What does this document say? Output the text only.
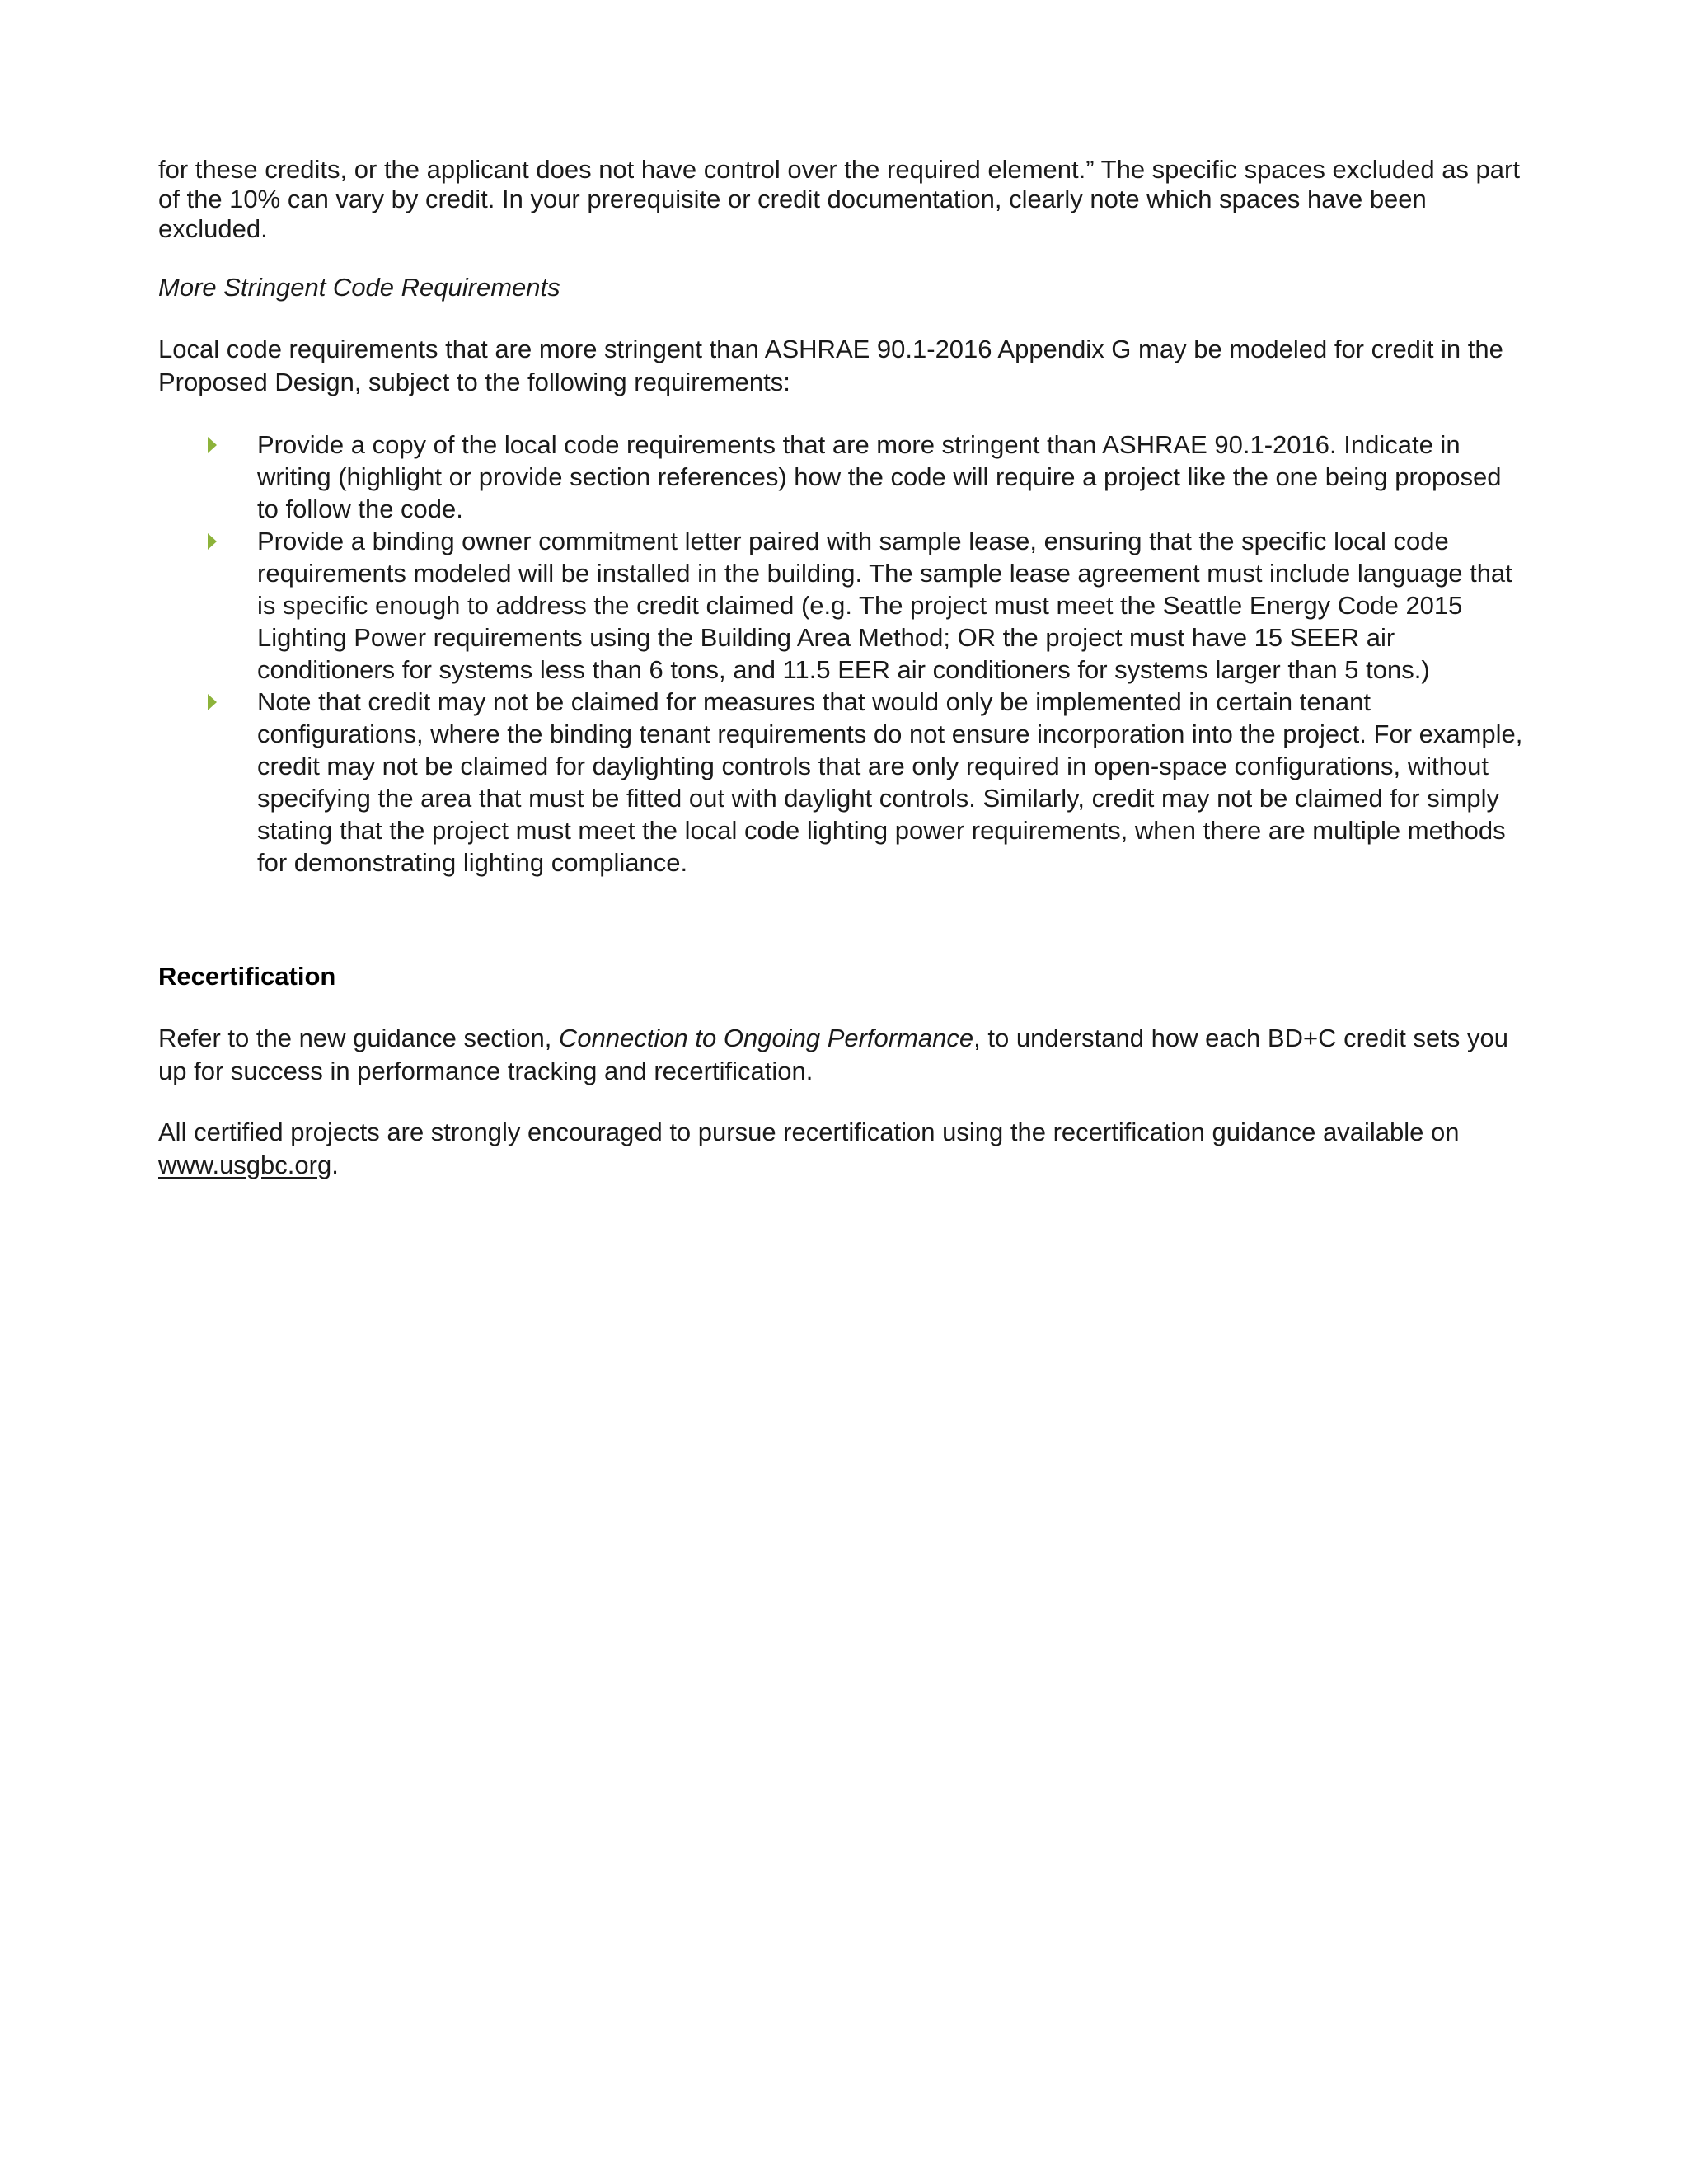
for these credits, or the applicant does not have control over the required element.” The specific spaces excluded as part of the 10% can vary by credit. In your prerequisite or credit documentation, clearly note which spaces have been excluded.

More Stringent Code Requirements

Local code requirements that are more stringent than ASHRAE 90.1-2016 Appendix G may be modeled for credit in the Proposed Design, subject to the following requirements:

Provide a copy of the local code requirements that are more stringent than ASHRAE 90.1-2016. Indicate in writing (highlight or provide section references) how the code will require a project like the one being proposed to follow the code.
Provide a binding owner commitment letter paired with sample lease, ensuring that the specific local code requirements modeled will be installed in the building. The sample lease agreement must include language that is specific enough to address the credit claimed (e.g. The project must meet the Seattle Energy Code 2015 Lighting Power requirements using the Building Area Method; OR the project must have 15 SEER air conditioners for systems less than 6 tons, and 11.5 EER air conditioners for systems larger than 5 tons.)
Note that credit may not be claimed for measures that would only be implemented in certain tenant configurations, where the binding tenant requirements do not ensure incorporation into the project. For example, credit may not be claimed for daylighting controls that are only required in open-space configurations, without specifying the area that must be fitted out with daylight controls. Similarly, credit may not be claimed for simply stating that the project must meet the local code lighting power requirements, when there are multiple methods for demonstrating lighting compliance.

Recertification

Refer to the new guidance section, Connection to Ongoing Performance, to understand how each BD+C credit sets you up for success in performance tracking and recertification.

All certified projects are strongly encouraged to pursue recertification using the recertification guidance available on www.usgbc.org.
